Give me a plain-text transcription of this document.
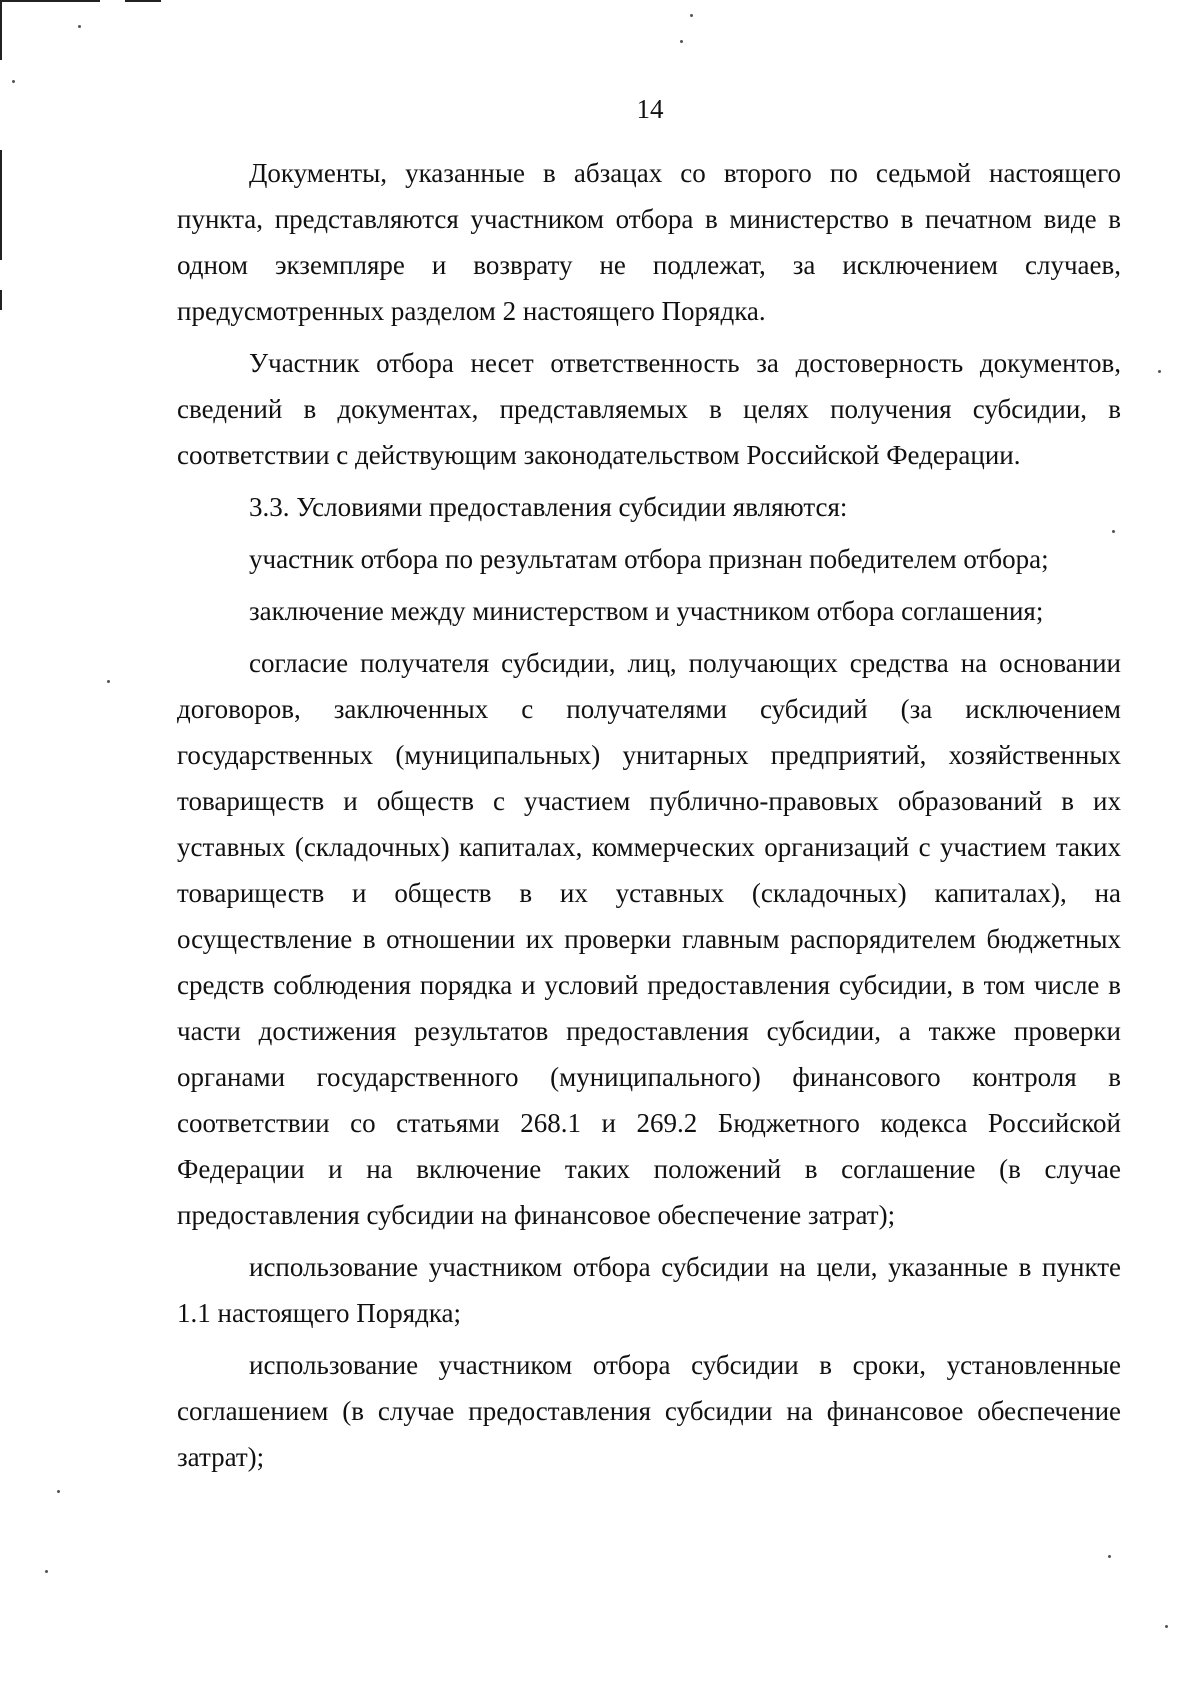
14

Документы, указанные в абзацах со второго по седьмой настоящего пункта, представляются участником отбора в министерство в печатном виде в одном экземпляре и возврату не подлежат, за исключением случаев, предусмотренных разделом 2 настоящего Порядка.

Участник отбора несет ответственность за достоверность документов, сведений в документах, представляемых в целях получения субсидии, в соответствии с действующим законодательством Российской Федерации.

3.3. Условиями предоставления субсидии являются:

участник отбора по результатам отбора признан победителем отбора;

заключение между министерством и участником отбора соглашения;

согласие получателя субсидии, лиц, получающих средства на основании договоров, заключенных с получателями субсидий (за исключением государственных (муниципальных) унитарных предприятий, хозяйственных товариществ и обществ с участием публично-правовых образований в их уставных (складочных) капиталах, коммерческих организаций с участием таких товариществ и обществ в их уставных (складочных) капиталах), на осуществление в отношении их проверки главным распорядителем бюджетных средств соблюдения порядка и условий предоставления субсидии, в том числе в части достижения результатов предоставления субсидии, а также проверки органами государственного (муниципального) финансового контроля в соответствии со статьями 268.1 и 269.2 Бюджетного кодекса Российской Федерации и на включение таких положений в соглашение (в случае предоставления субсидии на финансовое обеспечение затрат);

использование участником отбора субсидии на цели, указанные в пункте 1.1 настоящего Порядка;

использование участником отбора субсидии в сроки, установленные соглашением (в случае предоставления субсидии на финансовое обеспечение затрат);
